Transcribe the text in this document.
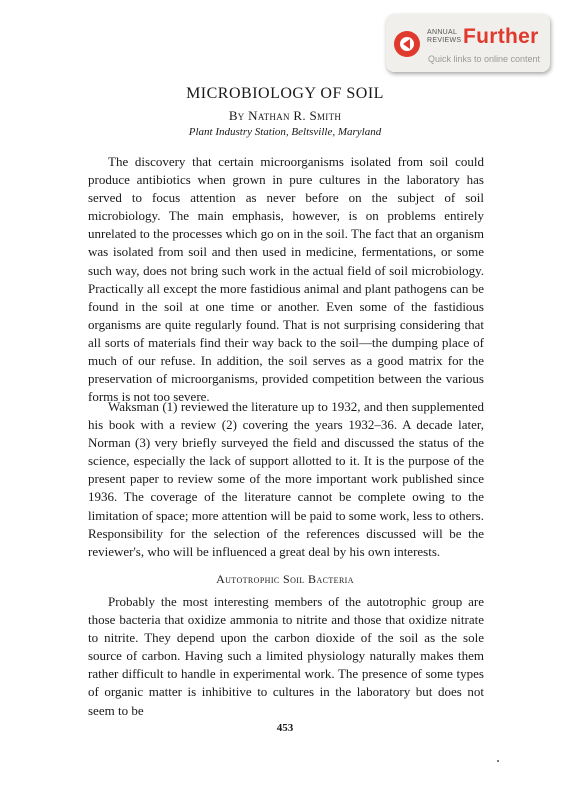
ANNUAL
REVIEWS Further
Quick links to online content
MICROBIOLOGY OF SOIL
By Nathan R. Smith
Plant Industry Station, Beltsville, Maryland

The discovery that certain microorganisms isolated from soil could produce antibiotics when grown in pure cultures in the laboratory has served to focus attention as never before on the subject of soil microbiology. The main emphasis, however, is on problems entirely unrelated to the processes which go on in the soil. The fact that an organism was isolated from soil and then used in medicine, fermentations, or some such way, does not bring such work in the actual field of soil microbiology. Practically all except the more fastidious animal and plant pathogens can be found in the soil at one time or another. Even some of the fastidious organisms are quite regularly found. That is not surprising considering that all sorts of materials find their way back to the soil—the dumping place of much of our refuse. In addition, the soil serves as a good matrix for the preservation of microorganisms, provided competition between the various forms is not too severe.

Waksman (1) reviewed the literature up to 1932, and then supplemented his book with a review (2) covering the years 1932–36. A decade later, Norman (3) very briefly surveyed the field and discussed the status of the science, especially the lack of support allotted to it. It is the purpose of the present paper to review some of the more important work published since 1936. The coverage of the literature cannot be complete owing to the limitation of space; more attention will be paid to some work, less to others. Responsibility for the selection of the references discussed will be the reviewer's, who will be influenced a great deal by his own interests.

Autotrophic Soil Bacteria

Probably the most interesting members of the autotrophic group are those bacteria that oxidize ammonia to nitrite and those that oxidize nitrate to nitrite. They depend upon the carbon dioxide of the soil as the sole source of carbon. Having such a limited physiology naturally makes them rather difficult to handle in experimental work. The presence of some types of organic matter is inhibitive to cultures in the laboratory but does not seem to be

453
